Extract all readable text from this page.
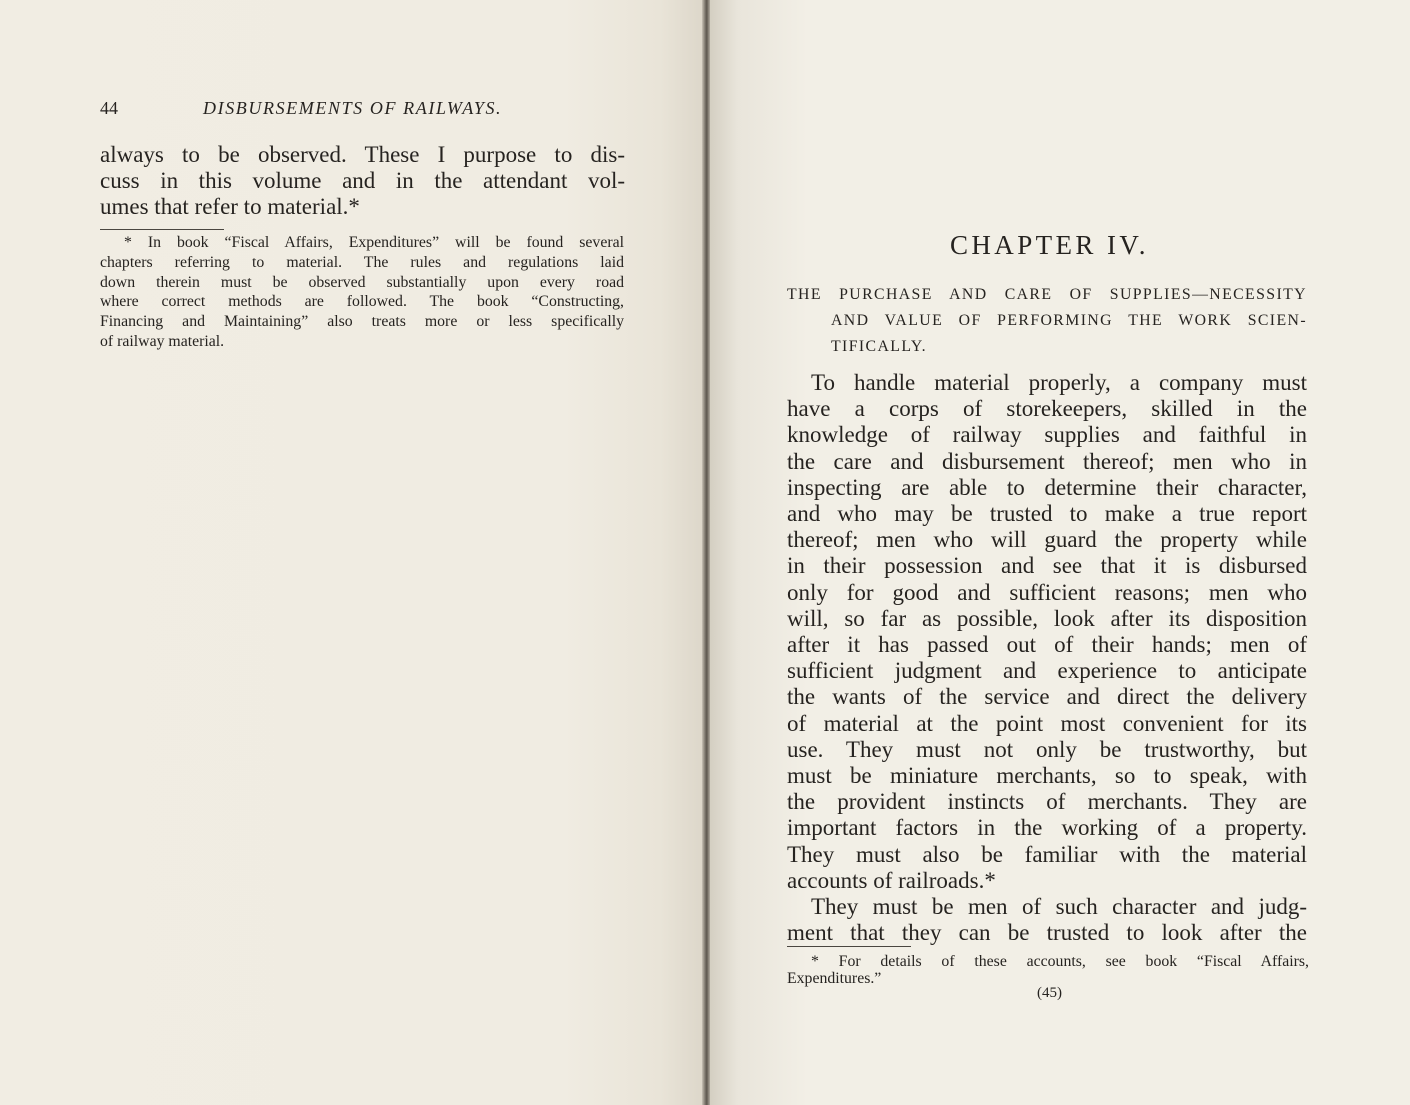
44	DISBURSEMENTS OF RAILWAYS.
always to be observed. These I purpose to dis-
cuss in this volume and in the attendant vol-
umes that refer to material.*
* In book “Fiscal Affairs, Expenditures” will be found several
chapters referring to material. The rules and regulations laid
down therein must be observed substantially upon every road
where correct methods are followed. The book “Constructing,
Financing and Maintaining” also treats more or less specifically
of railway material.
CHAPTER IV.
THE PURCHASE AND CARE OF SUPPLIES—NECESSITY
AND VALUE OF PERFORMING THE WORK SCIEN-
TIFICALLY.
To handle material properly, a company must
have a corps of storekeepers, skilled in the
knowledge of railway supplies and faithful in
the care and disbursement thereof; men who in
inspecting are able to determine their character,
and who may be trusted to make a true report
thereof; men who will guard the property while
in their possession and see that it is disbursed
only for good and sufficient reasons; men who
will, so far as possible, look after its disposition
after it has passed out of their hands; men of
sufficient judgment and experience to anticipate
the wants of the service and direct the delivery
of material at the point most convenient for its
use. They must not only be trustworthy, but
must be miniature merchants, so to speak, with
the provident instincts of merchants. They are
important factors in the working of a property.
They must also be familiar with the material
accounts of railroads.*
They must be men of such character and judg-
ment that they can be trusted to look after the
* For details of these accounts, see book “Fiscal Affairs,
Expenditures.”
(45)
